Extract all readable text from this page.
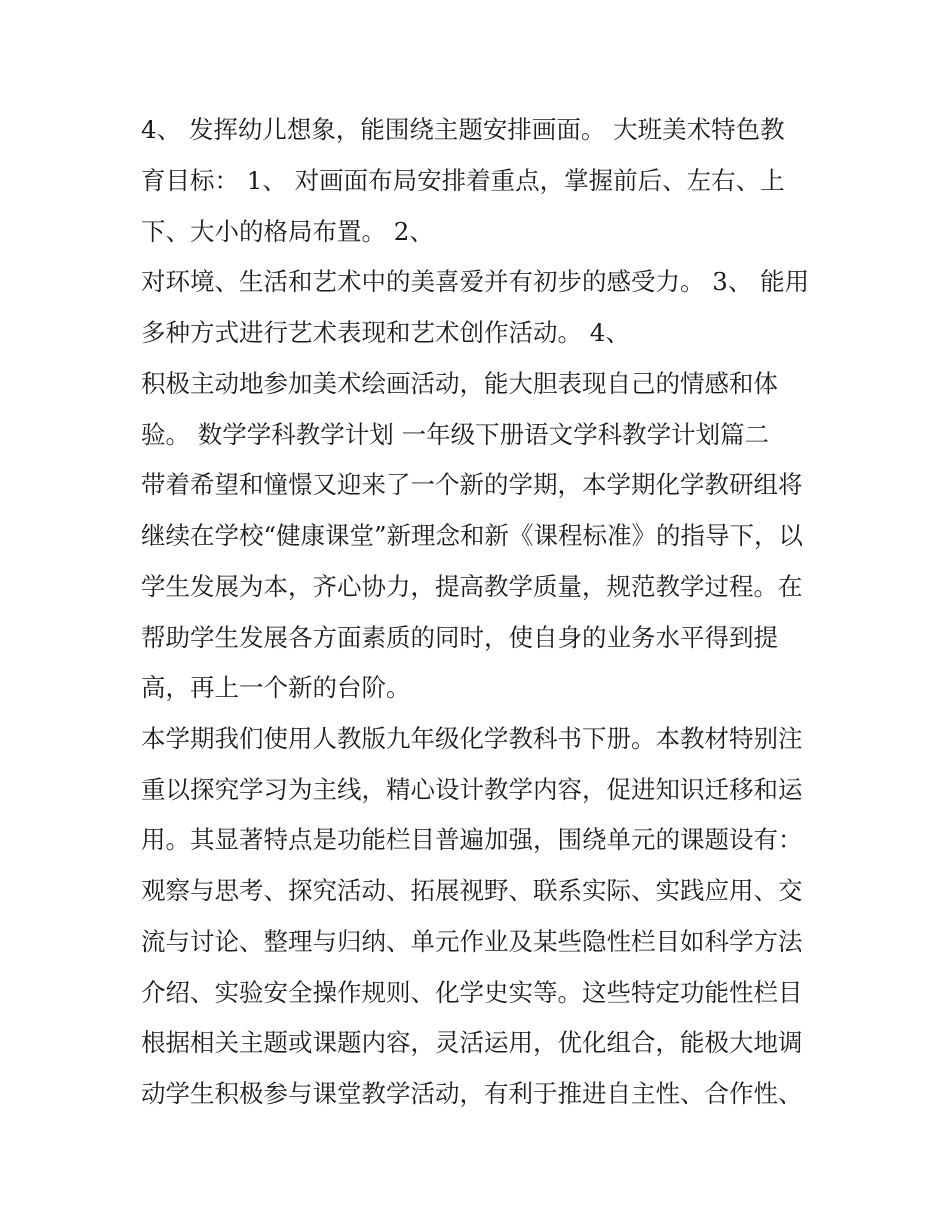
4、 发挥幼儿想象，能围绕主题安排画面。 大班美术特色教
育目标： 1、 对画面布局安排着重点，掌握前后、左右、上
下、大小的格局布置。 2、
对环境、生活和艺术中的美喜爱并有初步的感受力。 3、 能用
多种方式进行艺术表现和艺术创作活动。 4、
积极主动地参加美术绘画活动，能大胆表现自己的情感和体
验。 数学学科教学计划 一年级下册语文学科教学计划篇二
带着希望和憧憬又迎来了一个新的学期，本学期化学教研组将
继续在学校“健康课堂”新理念和新《课程标准》的指导下，以
学生发展为本，齐心协力，提高教学质量，规范教学过程。在
帮助学生发展各方面素质的同时，使自身的业务水平得到提
高，再上一个新的台阶。
本学期我们使用人教版九年级化学教科书下册。本教材特别注
重以探究学习为主线，精心设计教学内容，促进知识迁移和运
用。其显著特点是功能栏目普遍加强，围绕单元的课题设有：
观察与思考、探究活动、拓展视野、联系实际、实践应用、交
流与讨论、整理与归纳、单元作业及某些隐性栏目如科学方法
介绍、实验安全操作规则、化学史实等。这些特定功能性栏目
根据相关主题或课题内容，灵活运用，优化组合，能极大地调
动学生积极参与课堂教学活动，有利于推进自主性、合作性、
